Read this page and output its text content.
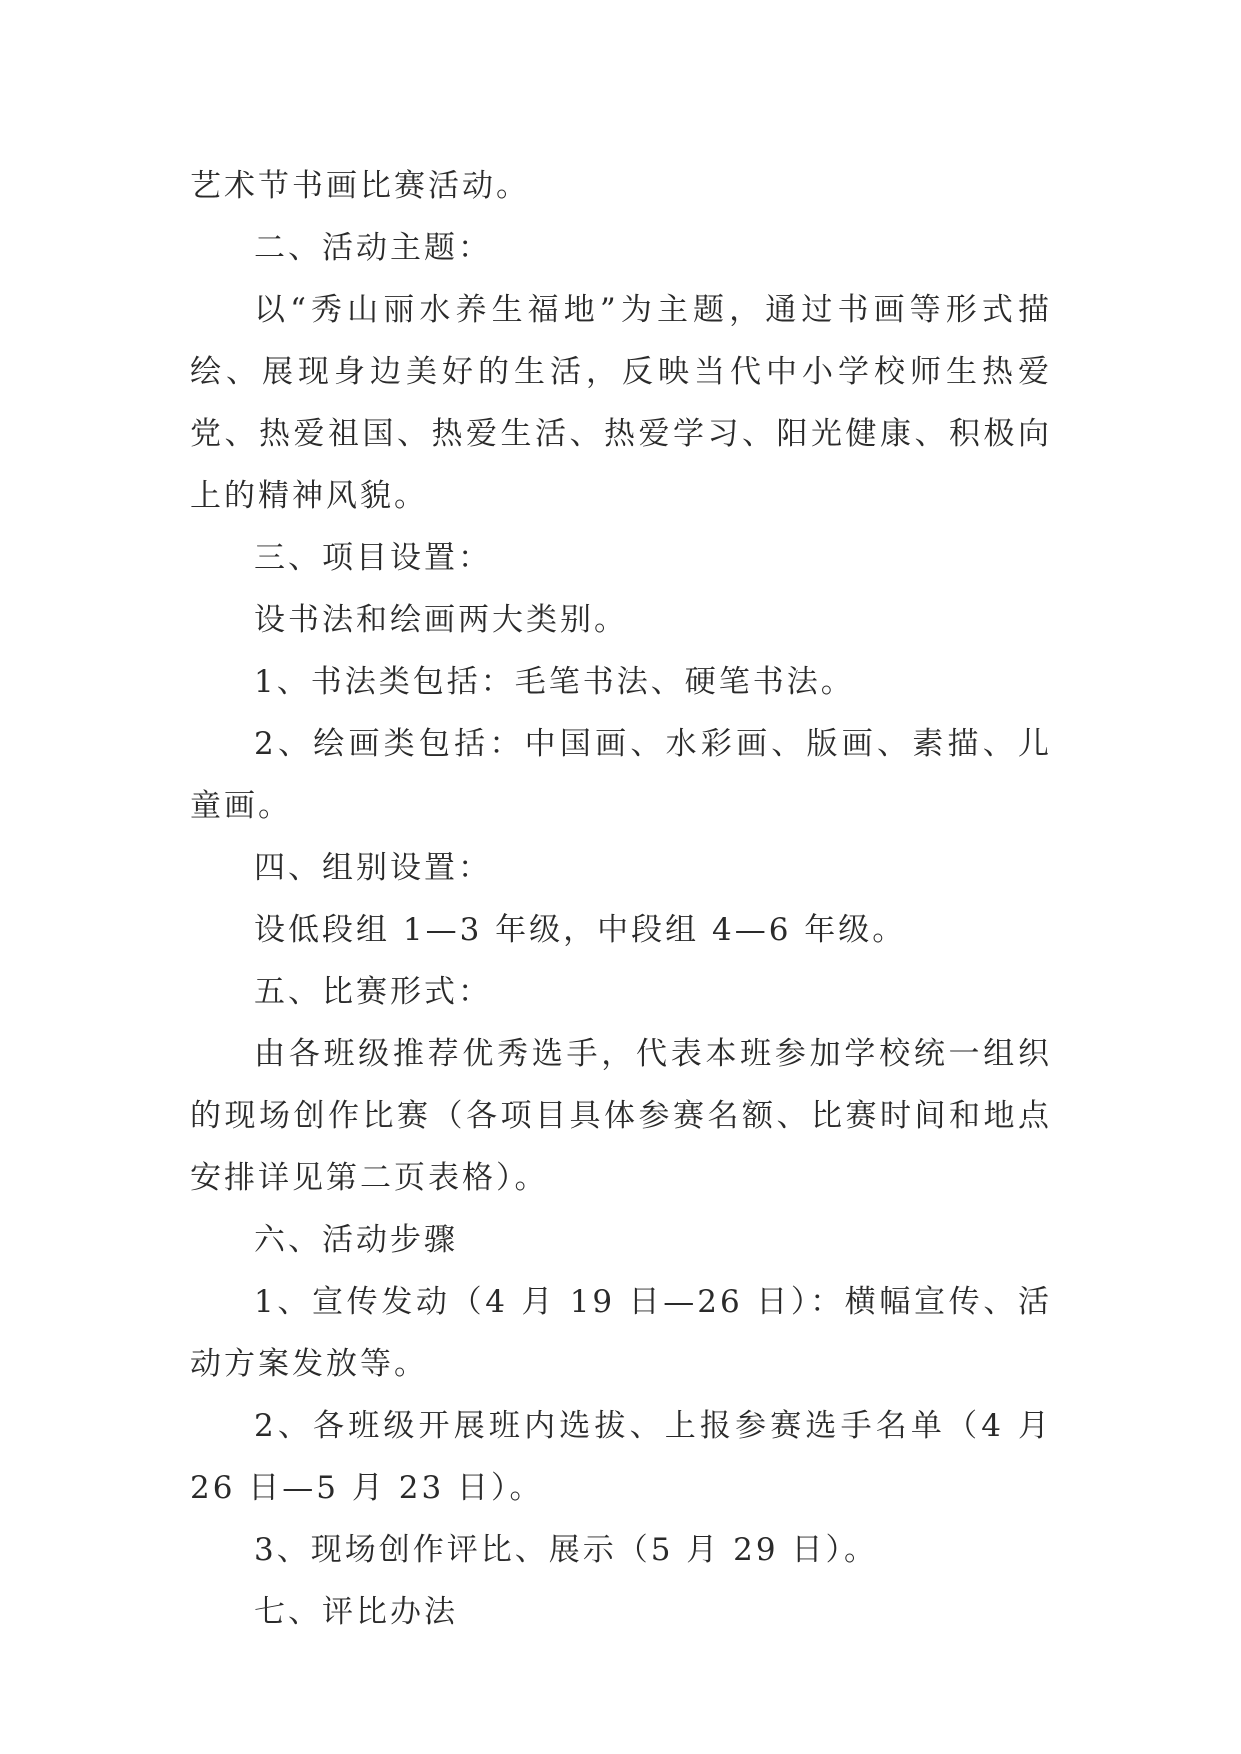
艺术节书画比赛活动。

二、活动主题：

以“秀山丽水养生福地”为主题，通过书画等形式描绘、展现身边美好的生活，反映当代中小学校师生热爱党、热爱祖国、热爱生活、热爱学习、阳光健康、积极向上的精神风貌。

三、项目设置：

设书法和绘画两大类别。

1、书法类包括：毛笔书法、硬笔书法。

2、绘画类包括：中国画、水彩画、版画、素描、儿童画。

四、组别设置：

设低段组 1—3 年级，中段组 4—6 年级。

五、比赛形式：

由各班级推荐优秀选手，代表本班参加学校统一组织的现场创作比赛（各项目具体参赛名额、比赛时间和地点安排详见第二页表格）。

六、活动步骤

1、宣传发动（4 月 19 日—26 日）：横幅宣传、活动方案发放等。

2、各班级开展班内选拔、上报参赛选手名单（4 月 26 日—5 月 23 日）。

3、现场创作评比、展示（5 月 29 日）。

七、评比办法
